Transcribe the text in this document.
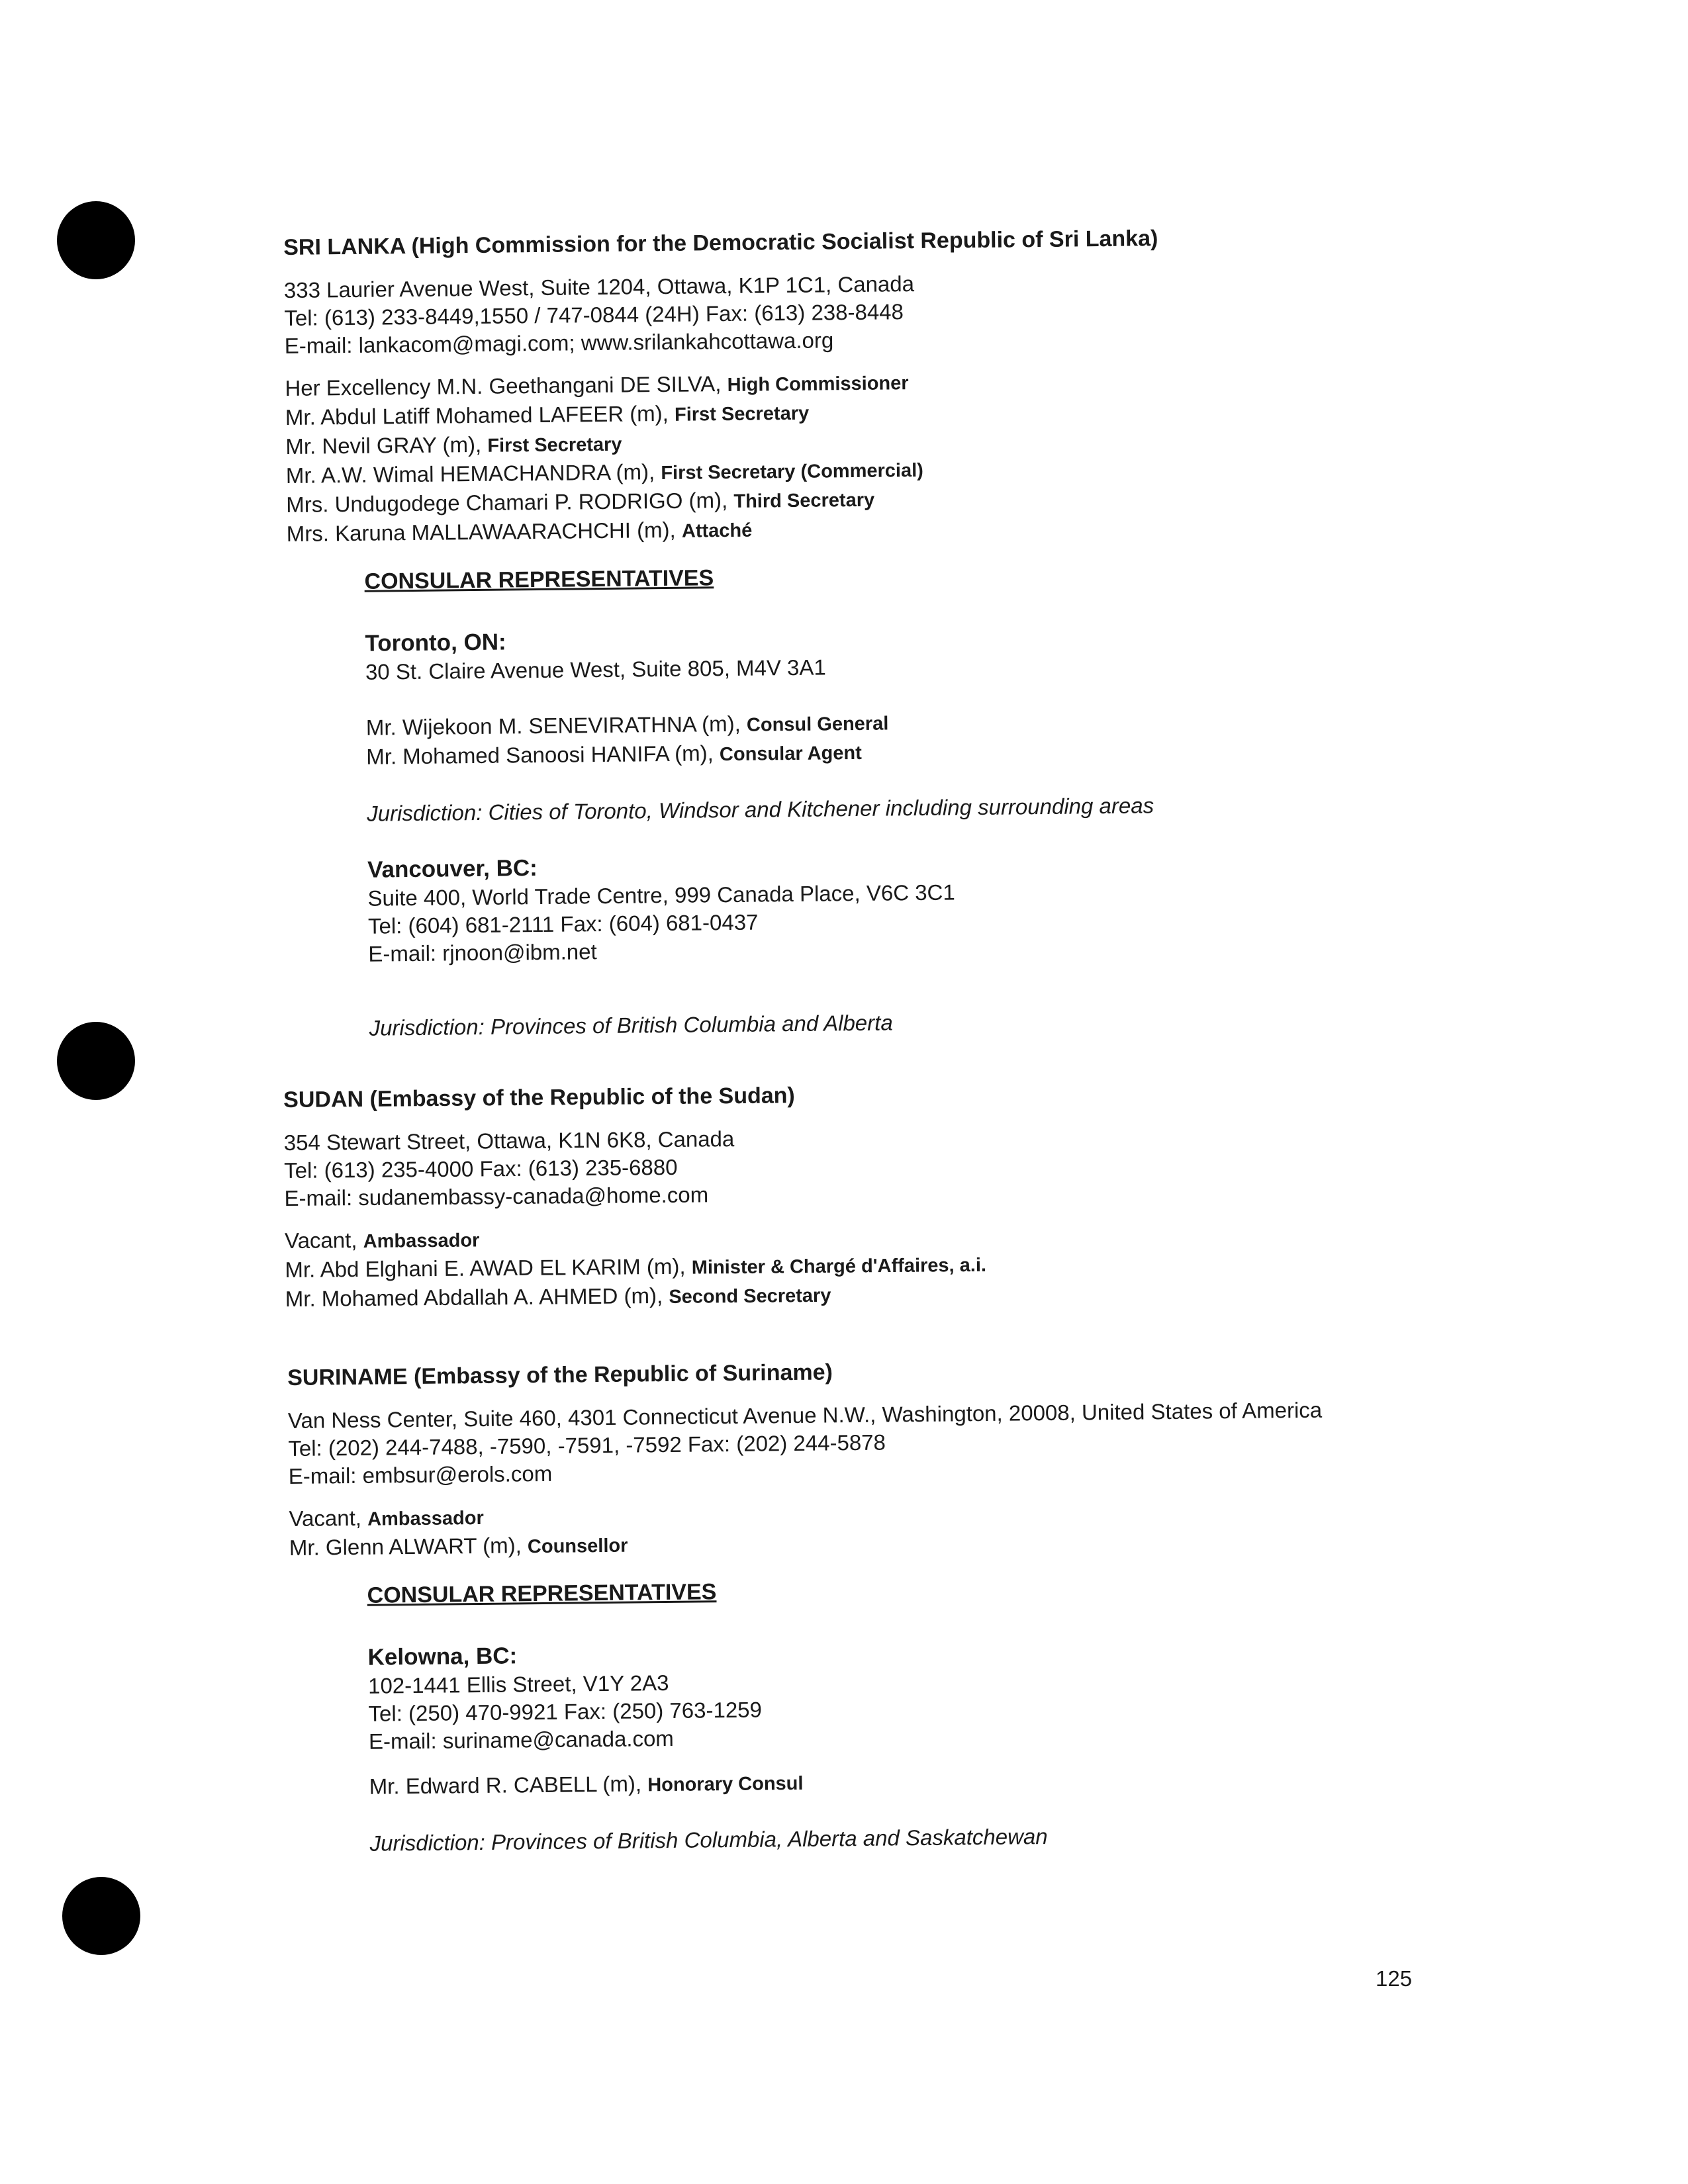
SRI LANKA (High Commission for the Democratic Socialist Republic of Sri Lanka)
333 Laurier Avenue West, Suite 1204, Ottawa, K1P 1C1, Canada
Tel: (613) 233-8449,1550 / 747-0844 (24H) Fax: (613) 238-8448
E-mail: lankacom@magi.com; www.srilankahcottawa.org
Her Excellency M.N. Geethangani DE SILVA, High Commissioner
Mr. Abdul Latiff Mohamed LAFEER (m), First Secretary
Mr. Nevil GRAY (m), First Secretary
Mr. A.W. Wimal HEMACHANDRA (m), First Secretary (Commercial)
Mrs. Undugodege Chamari P. RODRIGO (m), Third Secretary
Mrs. Karuna MALLAWAARACHCHI (m), Attaché
CONSULAR REPRESENTATIVES
Toronto, ON:
30 St. Claire Avenue West, Suite 805, M4V 3A1
Mr. Wijekoon M. SENEVIRATHNA (m), Consul General
Mr. Mohamed Sanoosi HANIFA (m), Consular Agent
Jurisdiction: Cities of Toronto, Windsor and Kitchener including surrounding areas
Vancouver, BC:
Suite 400, World Trade Centre, 999 Canada Place, V6C 3C1
Tel: (604) 681-2111 Fax: (604) 681-0437
E-mail: rjnoon@ibm.net
Jurisdiction: Provinces of British Columbia and Alberta
SUDAN (Embassy of the Republic of the Sudan)
354 Stewart Street, Ottawa, K1N 6K8, Canada
Tel: (613) 235-4000 Fax: (613) 235-6880
E-mail: sudanembassy-canada@home.com
Vacant, Ambassador
Mr. Abd Elghani E. AWAD EL KARIM (m), Minister & Chargé d'Affaires, a.i.
Mr. Mohamed Abdallah A. AHMED (m), Second Secretary
SURINAME (Embassy of the Republic of Suriname)
Van Ness Center, Suite 460, 4301 Connecticut Avenue N.W., Washington, 20008, United States of America
Tel: (202) 244-7488, -7590, -7591, -7592 Fax: (202) 244-5878
E-mail: embsur@erols.com
Vacant, Ambassador
Mr. Glenn ALWART (m), Counsellor
CONSULAR REPRESENTATIVES
Kelowna, BC:
102-1441 Ellis Street, V1Y 2A3
Tel: (250) 470-9921 Fax: (250) 763-1259
E-mail: suriname@canada.com
Mr. Edward R. CABELL (m), Honorary Consul
Jurisdiction: Provinces of British Columbia, Alberta and Saskatchewan
125
